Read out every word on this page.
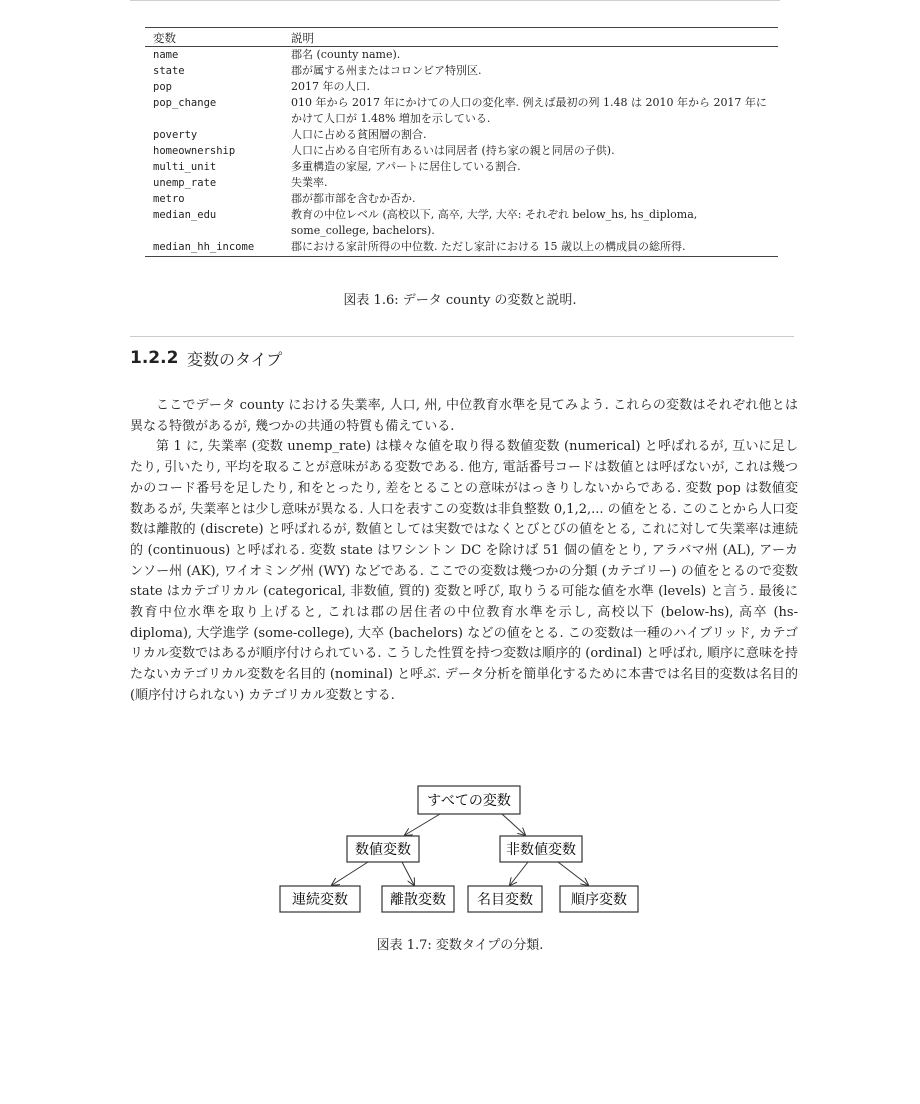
変数	説明
name	郡名 (county name).
state	郡が属する州またはコロンビア特別区.
pop	2017 年の人口.
pop_change	010 年から 2017 年にかけての人口の変化率. 例えば最初の列 1.48 は 2010 年から 2017 年にかけて人口が 1.48% 増加を示している.
poverty	人口に占める貧困層の割合.
homeownership	人口に占める自宅所有あるいは同居者 (持ち家の親と同居の子供).
multi_unit	多重構造の家屋, アパートに居住している割合.
unemp_rate	失業率.
metro	郡が都市部を含むか否か.
median_edu	教育の中位レベル (高校以下, 高卒, 大学, 大卒: それぞれ below_hs, hs_diploma, some_college, bachelors).
median_hh_income	郡における家計所得の中位数. ただし家計における 15 歳以上の構成員の総所得.
図表 1.6: データ county の変数と説明.
1.2.2 変数のタイプ

ここでデータ county における失業率, 人口, 州, 中位教育水準を見てみよう. これらの変数はそれぞれ他とは異なる特徴があるが, 幾つかの共通の特質も備えている.

第 1 に, 失業率 (変数 unemp_rate) は様々な値を取り得る数値変数 (numerical) と呼ばれるが, 互いに足したり, 引いたり, 平均を取ることが意味がある変数である. 他方, 電話番号コードは数値とは呼ばないが, これは幾つかのコード番号を足したり, 和をとったり, 差をとることの意味がはっきりしないからである. 変数 pop は数値変数あるが, 失業率とは少し意味が異なる. 人口を表すこの変数は非負整数 0,1,2,... の値をとる. このことから人口変数は離散的 (discrete) と呼ばれるが, 数値としては実数ではなくとびとびの値をとる, これに対して失業率は連続的 (continuous) と呼ばれる. 変数 state はワシントン DC を除けば 51 個の値をとり, アラバマ州 (AL), アーカンソー州 (AK), ワイオミング州 (WY) などである. ここでの変数は幾つかの分類 (カテゴリー) の値をとるので変数 state はカテゴリカル (categorical, 非数値, 質的) 変数と呼び, 取りうる可能な値を水準 (levels) と言う. 最後に教育中位水準を取り上げると, これは郡の居住者の中位教育水準を示し, 高校以下 (below-hs), 高卒 (hs-diploma), 大学進学 (some-college), 大卒 (bachelors) などの値をとる. この変数は一種のハイブリッド, カテゴリカル変数ではあるが順序付けられている. こうした性質を持つ変数は順序的 (ordinal) と呼ばれ, 順序に意味を持たないカテゴリカル変数を名目的 (nominal) と呼ぶ. データ分析を簡単化するために本書では名目的変数は名目的 (順序付けられない) カテゴリカル変数とする.

すべての変数
数値変数	非数値変数
連続変数	離散変数 名目変数	順序変数
図表 1.7: 変数タイプの分類.
